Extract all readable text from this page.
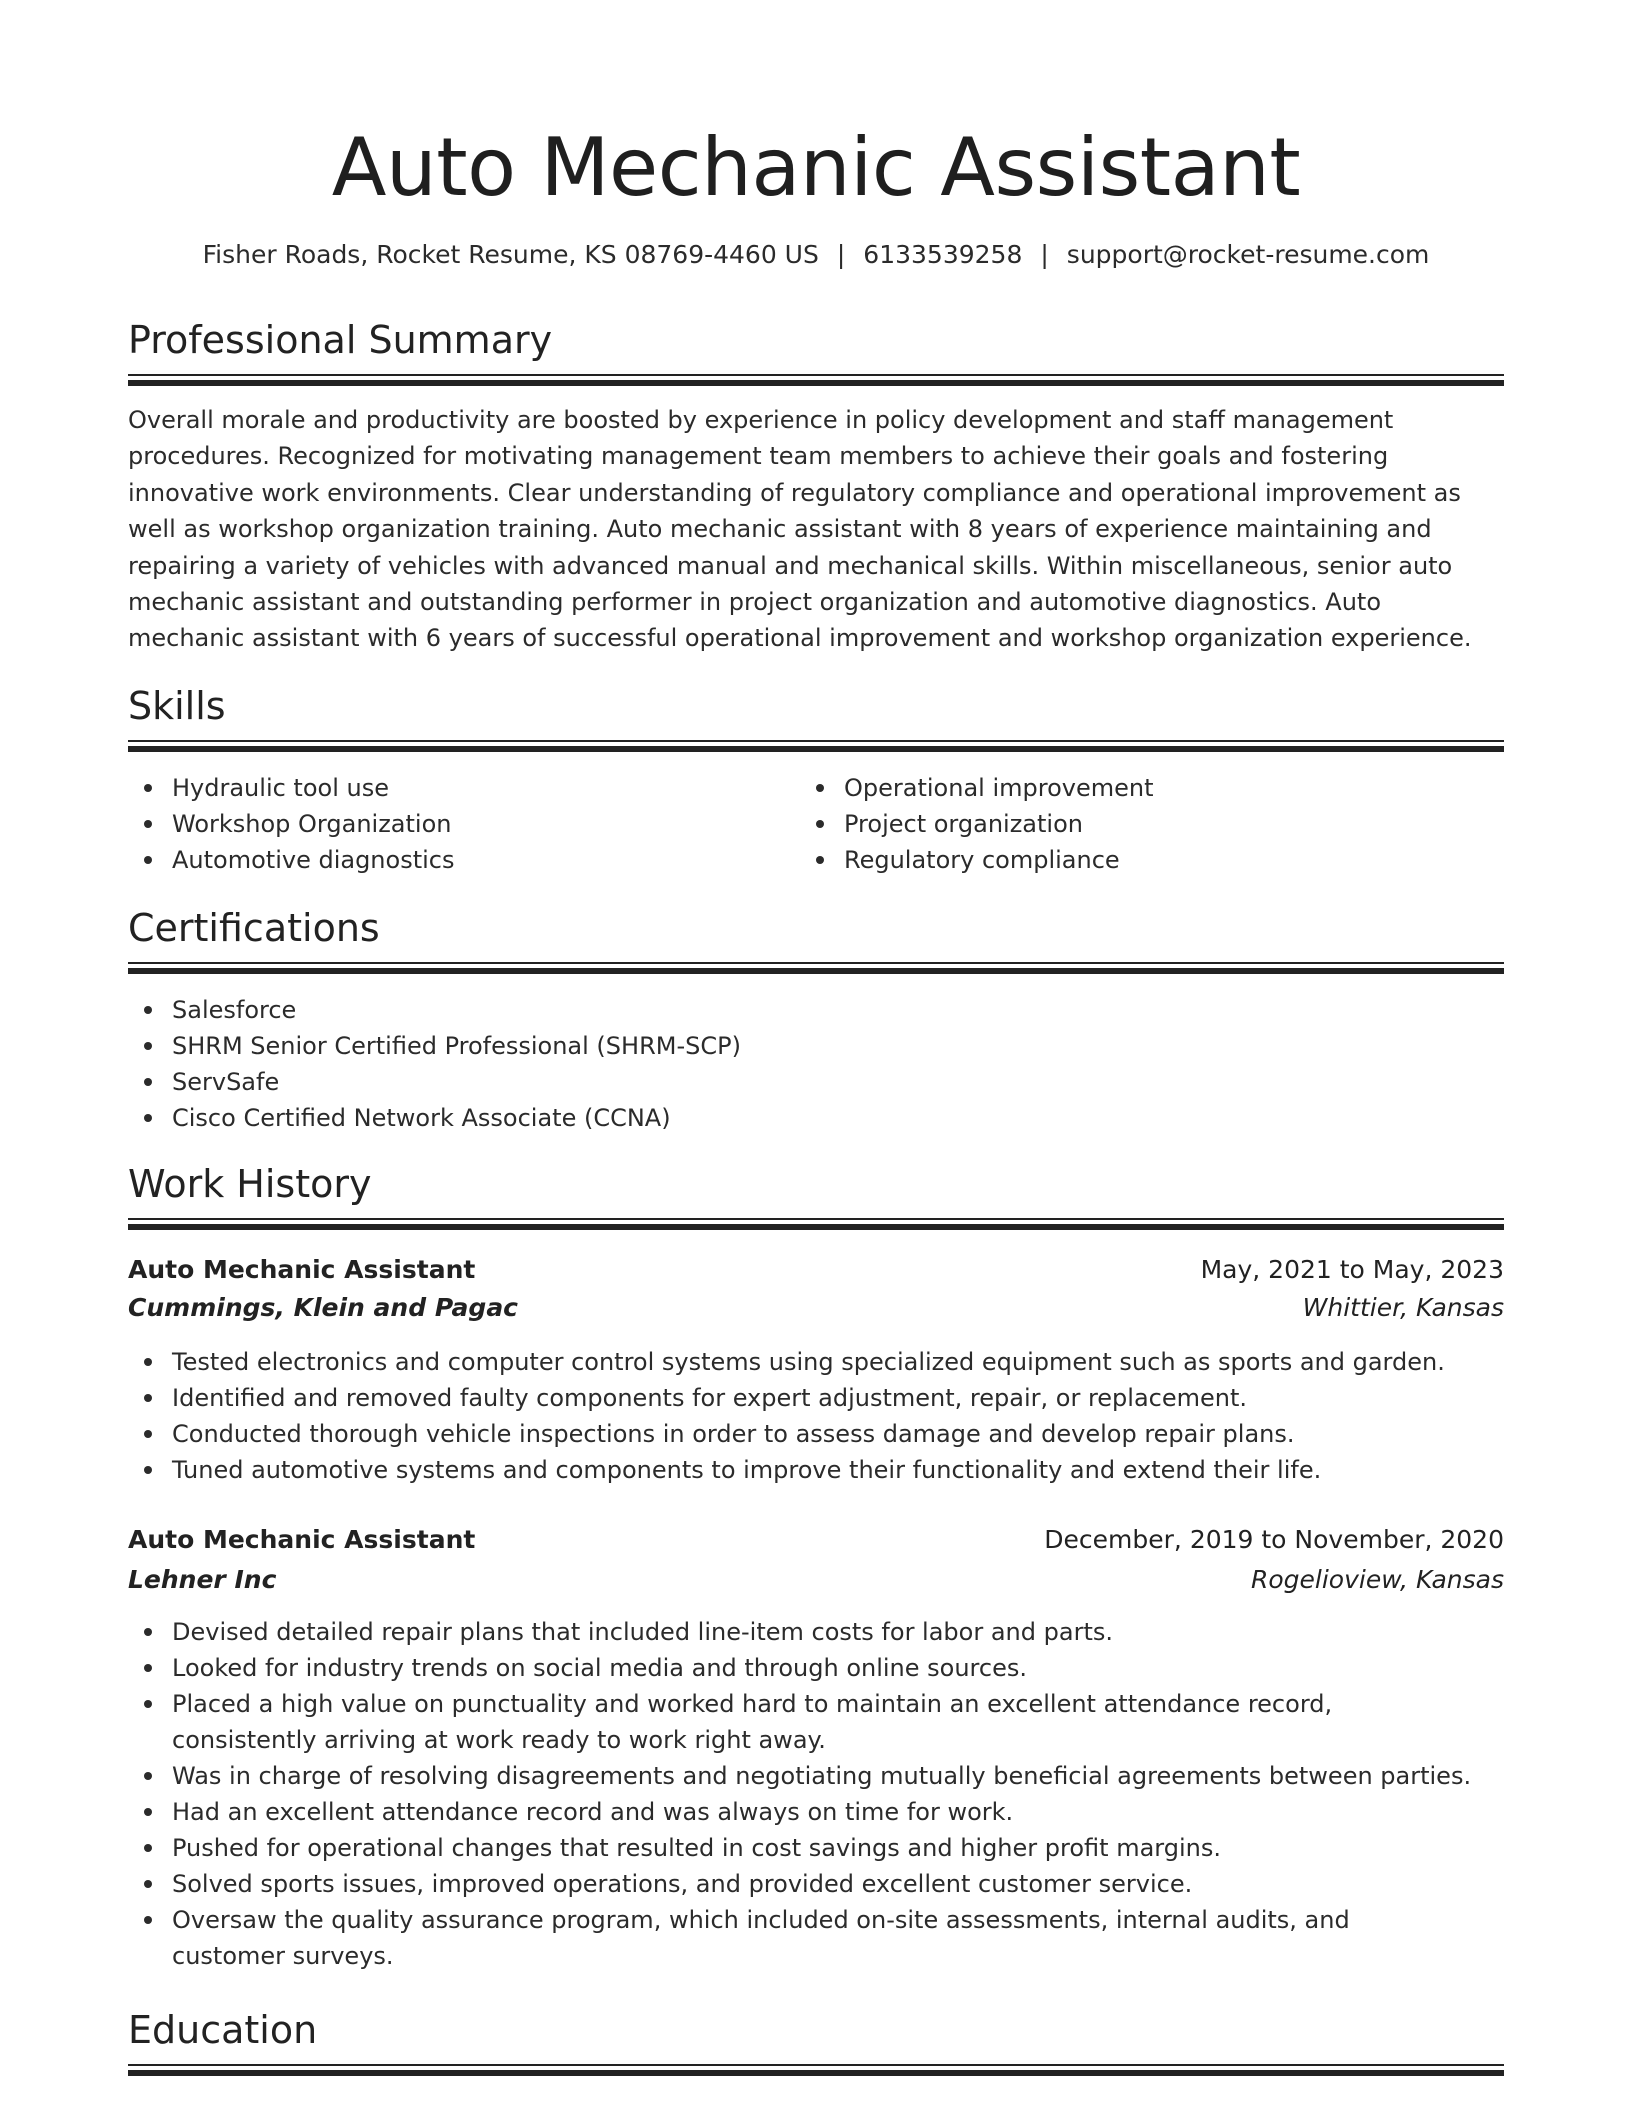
Auto Mechanic Assistant
Fisher Roads, Rocket Resume, KS 08769-4460 US | 6133539258 | support@rocket-resume.com
Professional Summary

Overall morale and productivity are boosted by experience in policy development and staff management procedures. Recognized for motivating management team members to achieve their goals and fostering innovative work environments. Clear understanding of regulatory compliance and operational improvement as well as workshop organization training. Auto mechanic assistant with 8 years of experience maintaining and repairing a variety of vehicles with advanced manual and mechanical skills. Within miscellaneous, senior auto mechanic assistant and outstanding performer in project organization and automotive diagnostics. Auto mechanic assistant with 6 years of successful operational improvement and workshop organization experience.

Skills
Hydraulic tool use
Workshop Organization
Automotive diagnostics
Operational improvement
Project organization
Regulatory compliance
Certifications
Salesforce
SHRM Senior Certified Professional (SHRM-SCP)
ServSafe
Cisco Certified Network Associate (CCNA)
Work History
Auto Mechanic Assistant	May, 2021 to May, 2023
Cummings, Klein and Pagac	Whittier, Kansas
Tested electronics and computer control systems using specialized equipment such as sports and garden.
Identified and removed faulty components for expert adjustment, repair, or replacement.
Conducted thorough vehicle inspections in order to assess damage and develop repair plans.
Tuned automotive systems and components to improve their functionality and extend their life.
Auto Mechanic Assistant	December, 2019 to November, 2020
Lehner Inc	Rogelioview, Kansas
Devised detailed repair plans that included line-item costs for labor and parts.
Looked for industry trends on social media and through online sources.
Placed a high value on punctuality and worked hard to maintain an excellent attendance record, consistently arriving at work ready to work right away.
Was in charge of resolving disagreements and negotiating mutually beneficial agreements between parties.
Had an excellent attendance record and was always on time for work.
Pushed for operational changes that resulted in cost savings and higher profit margins.
Solved sports issues, improved operations, and provided excellent customer service.
Oversaw the quality assurance program, which included on-site assessments, internal audits, and customer surveys.
Education
